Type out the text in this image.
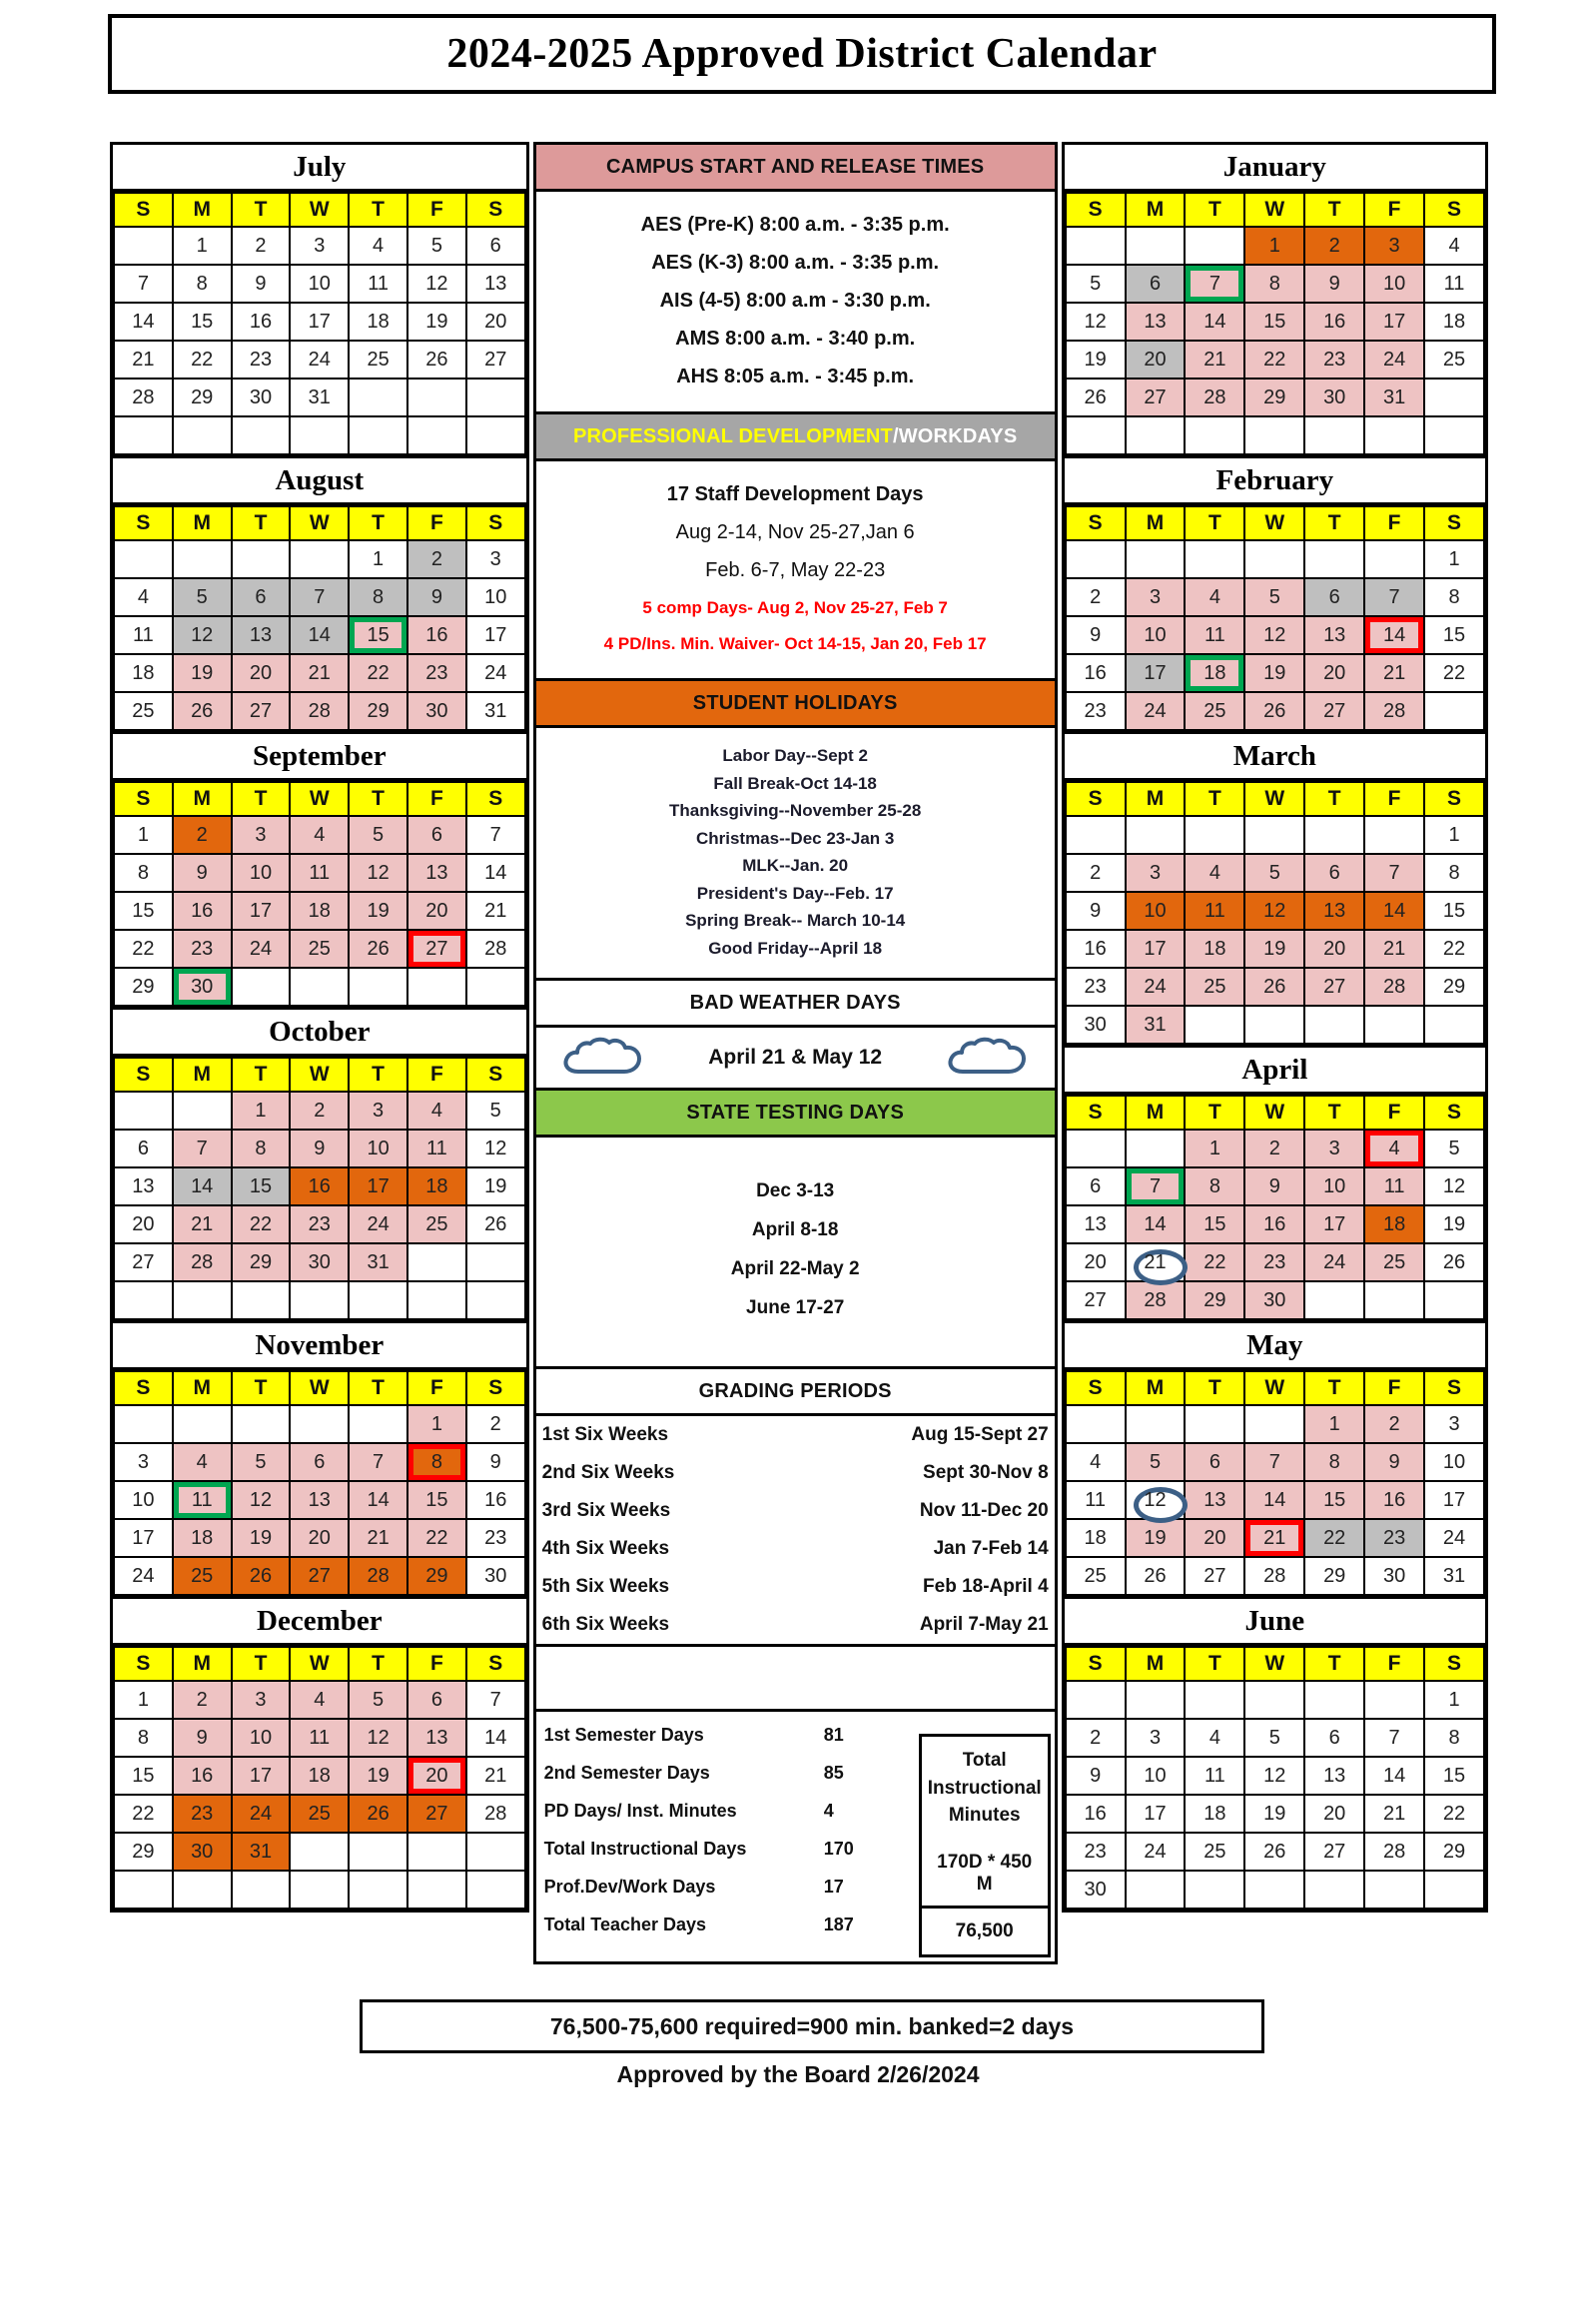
2024-2025 Approved District Calendar
July
S	M	T	W	T	F	S
	1	2	3	4	5	6
7	8	9	10	11	12	13
14	15	16	17	18	19	20
21	22	23	24	25	26	27
28	29	30	31			

August
S	M	T	W	T	F	S
				1	2	3
4	5	6	7	8	9	10
11	12	13	14	15	16	17
18	19	20	21	22	23	24
25	26	27	28	29	30	31
September
S	M	T	W	T	F	S
1	2	3	4	5	6	7
8	9	10	11	12	13	14
15	16	17	18	19	20	21
22	23	24	25	26	27	28
29	30					
October
S	M	T	W	T	F	S
		1	2	3	4	5
6	7	8	9	10	11	12
13	14	15	16	17	18	19
20	21	22	23	24	25	26
27	28	29	30	31		

November
S	M	T	W	T	F	S
					1	2
3	4	5	6	7	8	9
10	11	12	13	14	15	16
17	18	19	20	21	22	23
24	25	26	27	28	29	30
December
S	M	T	W	T	F	S
1	2	3	4	5	6	7
8	9	10	11	12	13	14
15	16	17	18	19	20	21
22	23	24	25	26	27	28
29	30	31				

CAMPUS START AND RELEASE TIMES
AES (Pre-K) 8:00 a.m. - 3:35 p.m.
AES (K-3) 8:00 a.m. - 3:35 p.m.
AIS (4-5) 8:00 a.m - 3:30 p.m.
AMS 8:00 a.m. - 3:40 p.m.
AHS 8:05 a.m. - 3:45 p.m.
PROFESSIONAL DEVELOPMENT /WORKDAYS
17 Staff Development Days
Aug 2-14, Nov 25-27,Jan 6
Feb. 6-7, May 22-23
5 comp Days- Aug 2, Nov 25-27, Feb 7
4 PD/Ins. Min. Waiver- Oct 14-15, Jan 20, Feb 17
STUDENT HOLIDAYS
Labor Day--Sept 2
Fall Break-Oct 14-18
Thanksgiving--November 25-28
Christmas--Dec 23-Jan 3
MLK--Jan. 20
President's Day--Feb. 17
Spring Break-- March 10-14
Good Friday--April 18
BAD WEATHER DAYS
April 21 & May 12
STATE TESTING DAYS
Dec 3-13
April 8-18
April 22-May 2
June 17-27
GRADING PERIODS
1st Six Weeks	Aug 15-Sept 27
2nd Six Weeks	Sept 30-Nov 8
3rd Six Weeks	Nov 11-Dec 20
4th Six Weeks	Jan 7-Feb 14
5th Six Weeks	Feb 18-April 4
6th Six Weeks	April 7-May 21
1st Semester Days	81
2nd Semester Days	85
PD Days/ Inst. Minutes	4
Total Instructional Days	170
Prof.Dev/Work Days	17
Total Teacher Days	187
Total Instructional
Minutes
170D * 450 M
76,500
January
S	M	T	W	T	F	S
			1	2	3	4
5	6	7	8	9	10	11
12	13	14	15	16	17	18
19	20	21	22	23	24	25
26	27	28	29	30	31	

February
S	M	T	W	T	F	S
						1
2	3	4	5	6	7	8
9	10	11	12	13	14	15
16	17	18	19	20	21	22
23	24	25	26	27	28	
March
S	M	T	W	T	F	S
						1
2	3	4	5	6	7	8
9	10	11	12	13	14	15
16	17	18	19	20	21	22
23	24	25	26	27	28	29
30	31					
April
S	M	T	W	T	F	S
		1	2	3	4	5
6	7	8	9	10	11	12
13	14	15	16	17	18	19
20	21	22	23	24	25	26
27	28	29	30			
May
S	M	T	W	T	F	S
				1	2	3
4	5	6	7	8	9	10
11	12	13	14	15	16	17
18	19	20	21	22	23	24
25	26	27	28	29	30	31
June
S	M	T	W	T	F	S
						1
2	3	4	5	6	7	8
9	10	11	12	13	14	15
16	17	18	19	20	21	22
23	24	25	26	27	28	29
30						
76,500-75,600 required=900 min. banked=2 days
Approved by the Board 2/26/2024
